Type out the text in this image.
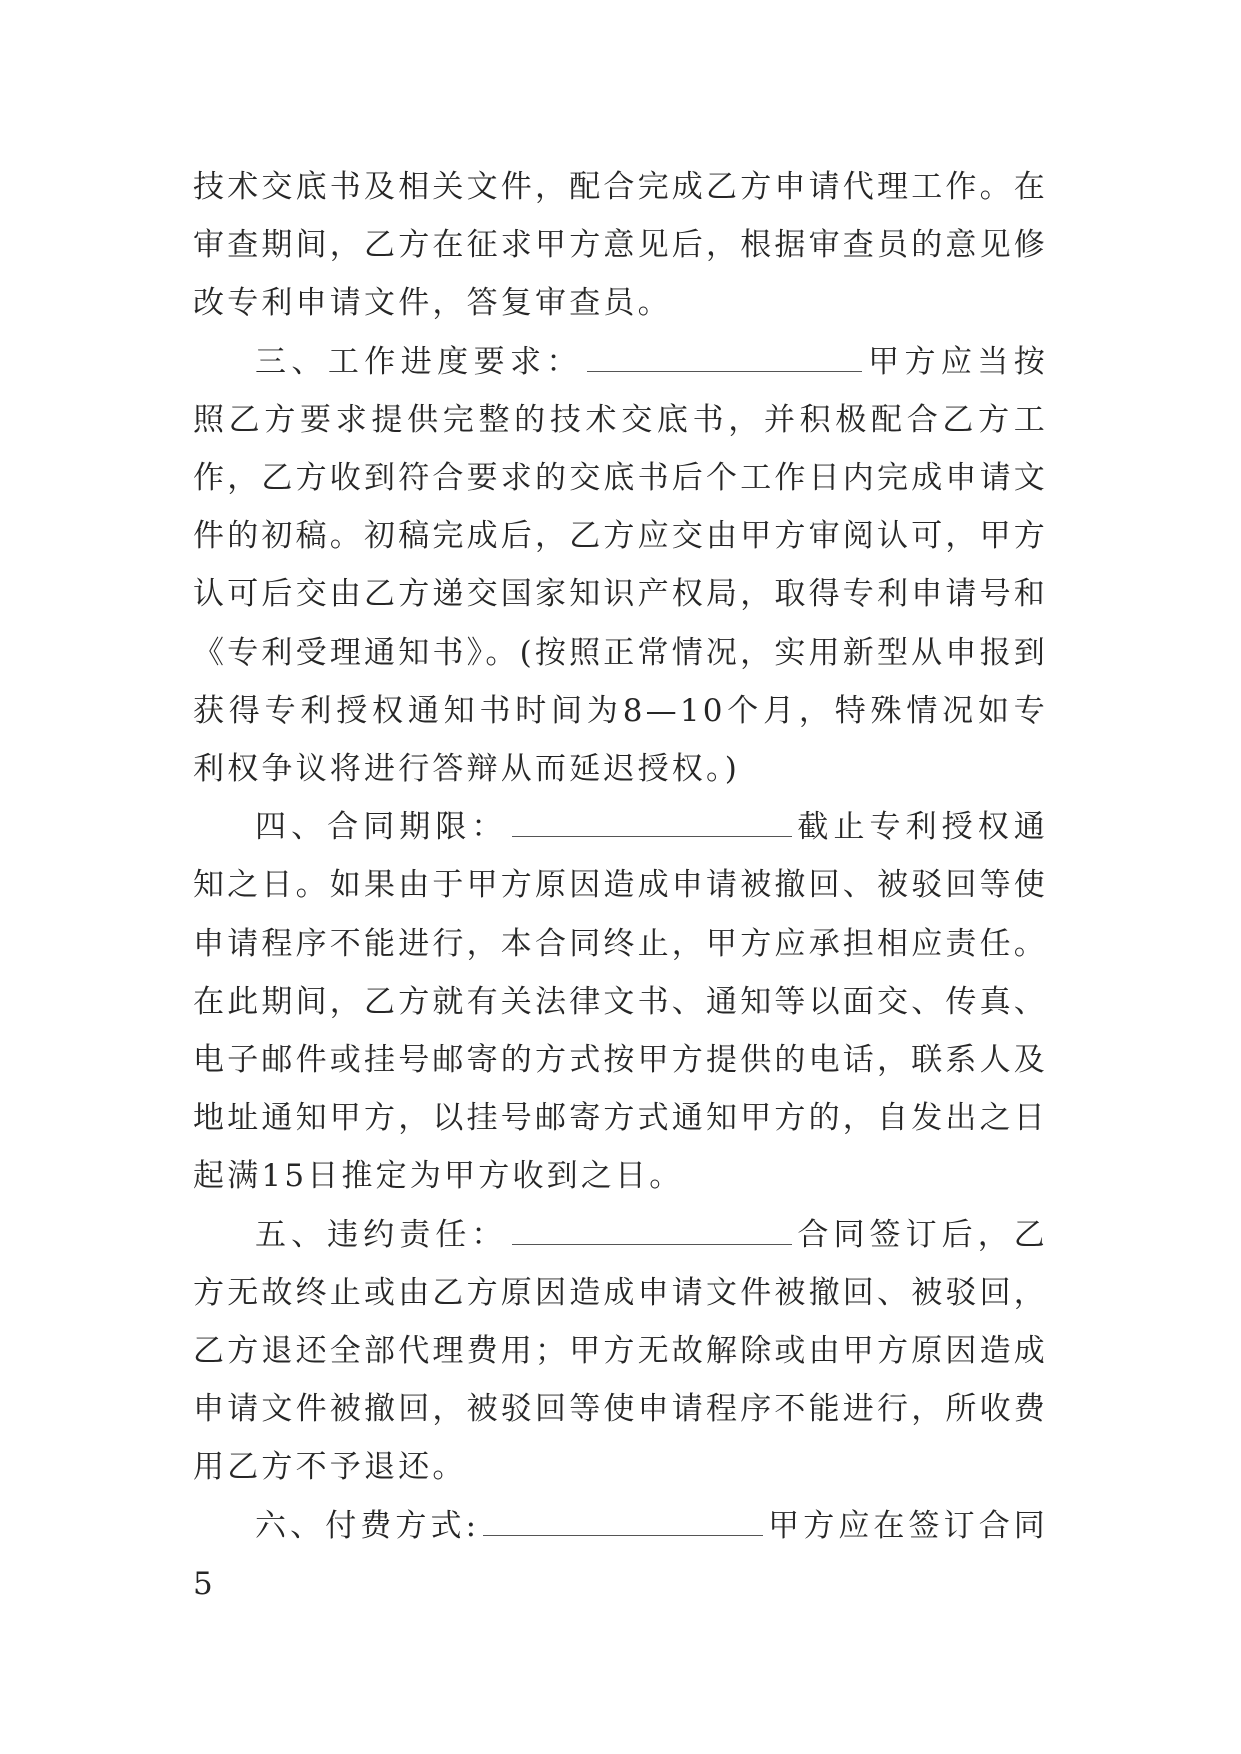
技术交底书及相关文件，配合完成乙方申请代理工作。在审查期间，乙方在征求甲方意见后，根据审查员的意见修改专利申请文件，答复审查员。

三、工作进度要求：	甲方应当按照乙方要求提供完整的技术交底书，并积极配合乙方工作，乙方收到符合要求的交底书后个工作日内完成申请文件的初稿。初稿完成后，乙方应交由甲方审阅认可，甲方认可后交由乙方递交国家知识产权局，取得专利申请号和《专利受理通知书》。(按照正常情况，实用新型从申报到获得专利授权通知书时间为8—10个月，特殊情况如专利权争议将进行答辩从而延迟授权。)

四、合同期限：	截止专利授权通知之日。如果由于甲方原因造成申请被撤回、被驳回等使申请程序不能进行，本合同终止，甲方应承担相应责任。在此期间，乙方就有关法律文书、通知等以面交、传真、电子邮件或挂号邮寄的方式按甲方提供的电话，联系人及地址通知甲方，以挂号邮寄方式通知甲方的，自发出之日起满15日推定为甲方收到之日。

五、违约责任：	合同签订后，乙方无故终止或由乙方原因造成申请文件被撤回、被驳回，乙方退还全部代理费用；甲方无故解除或由甲方原因造成申请文件被撤回，被驳回等使申请程序不能进行，所收费用乙方不予退还。

六、付费方式:	甲方应在签订合同5
